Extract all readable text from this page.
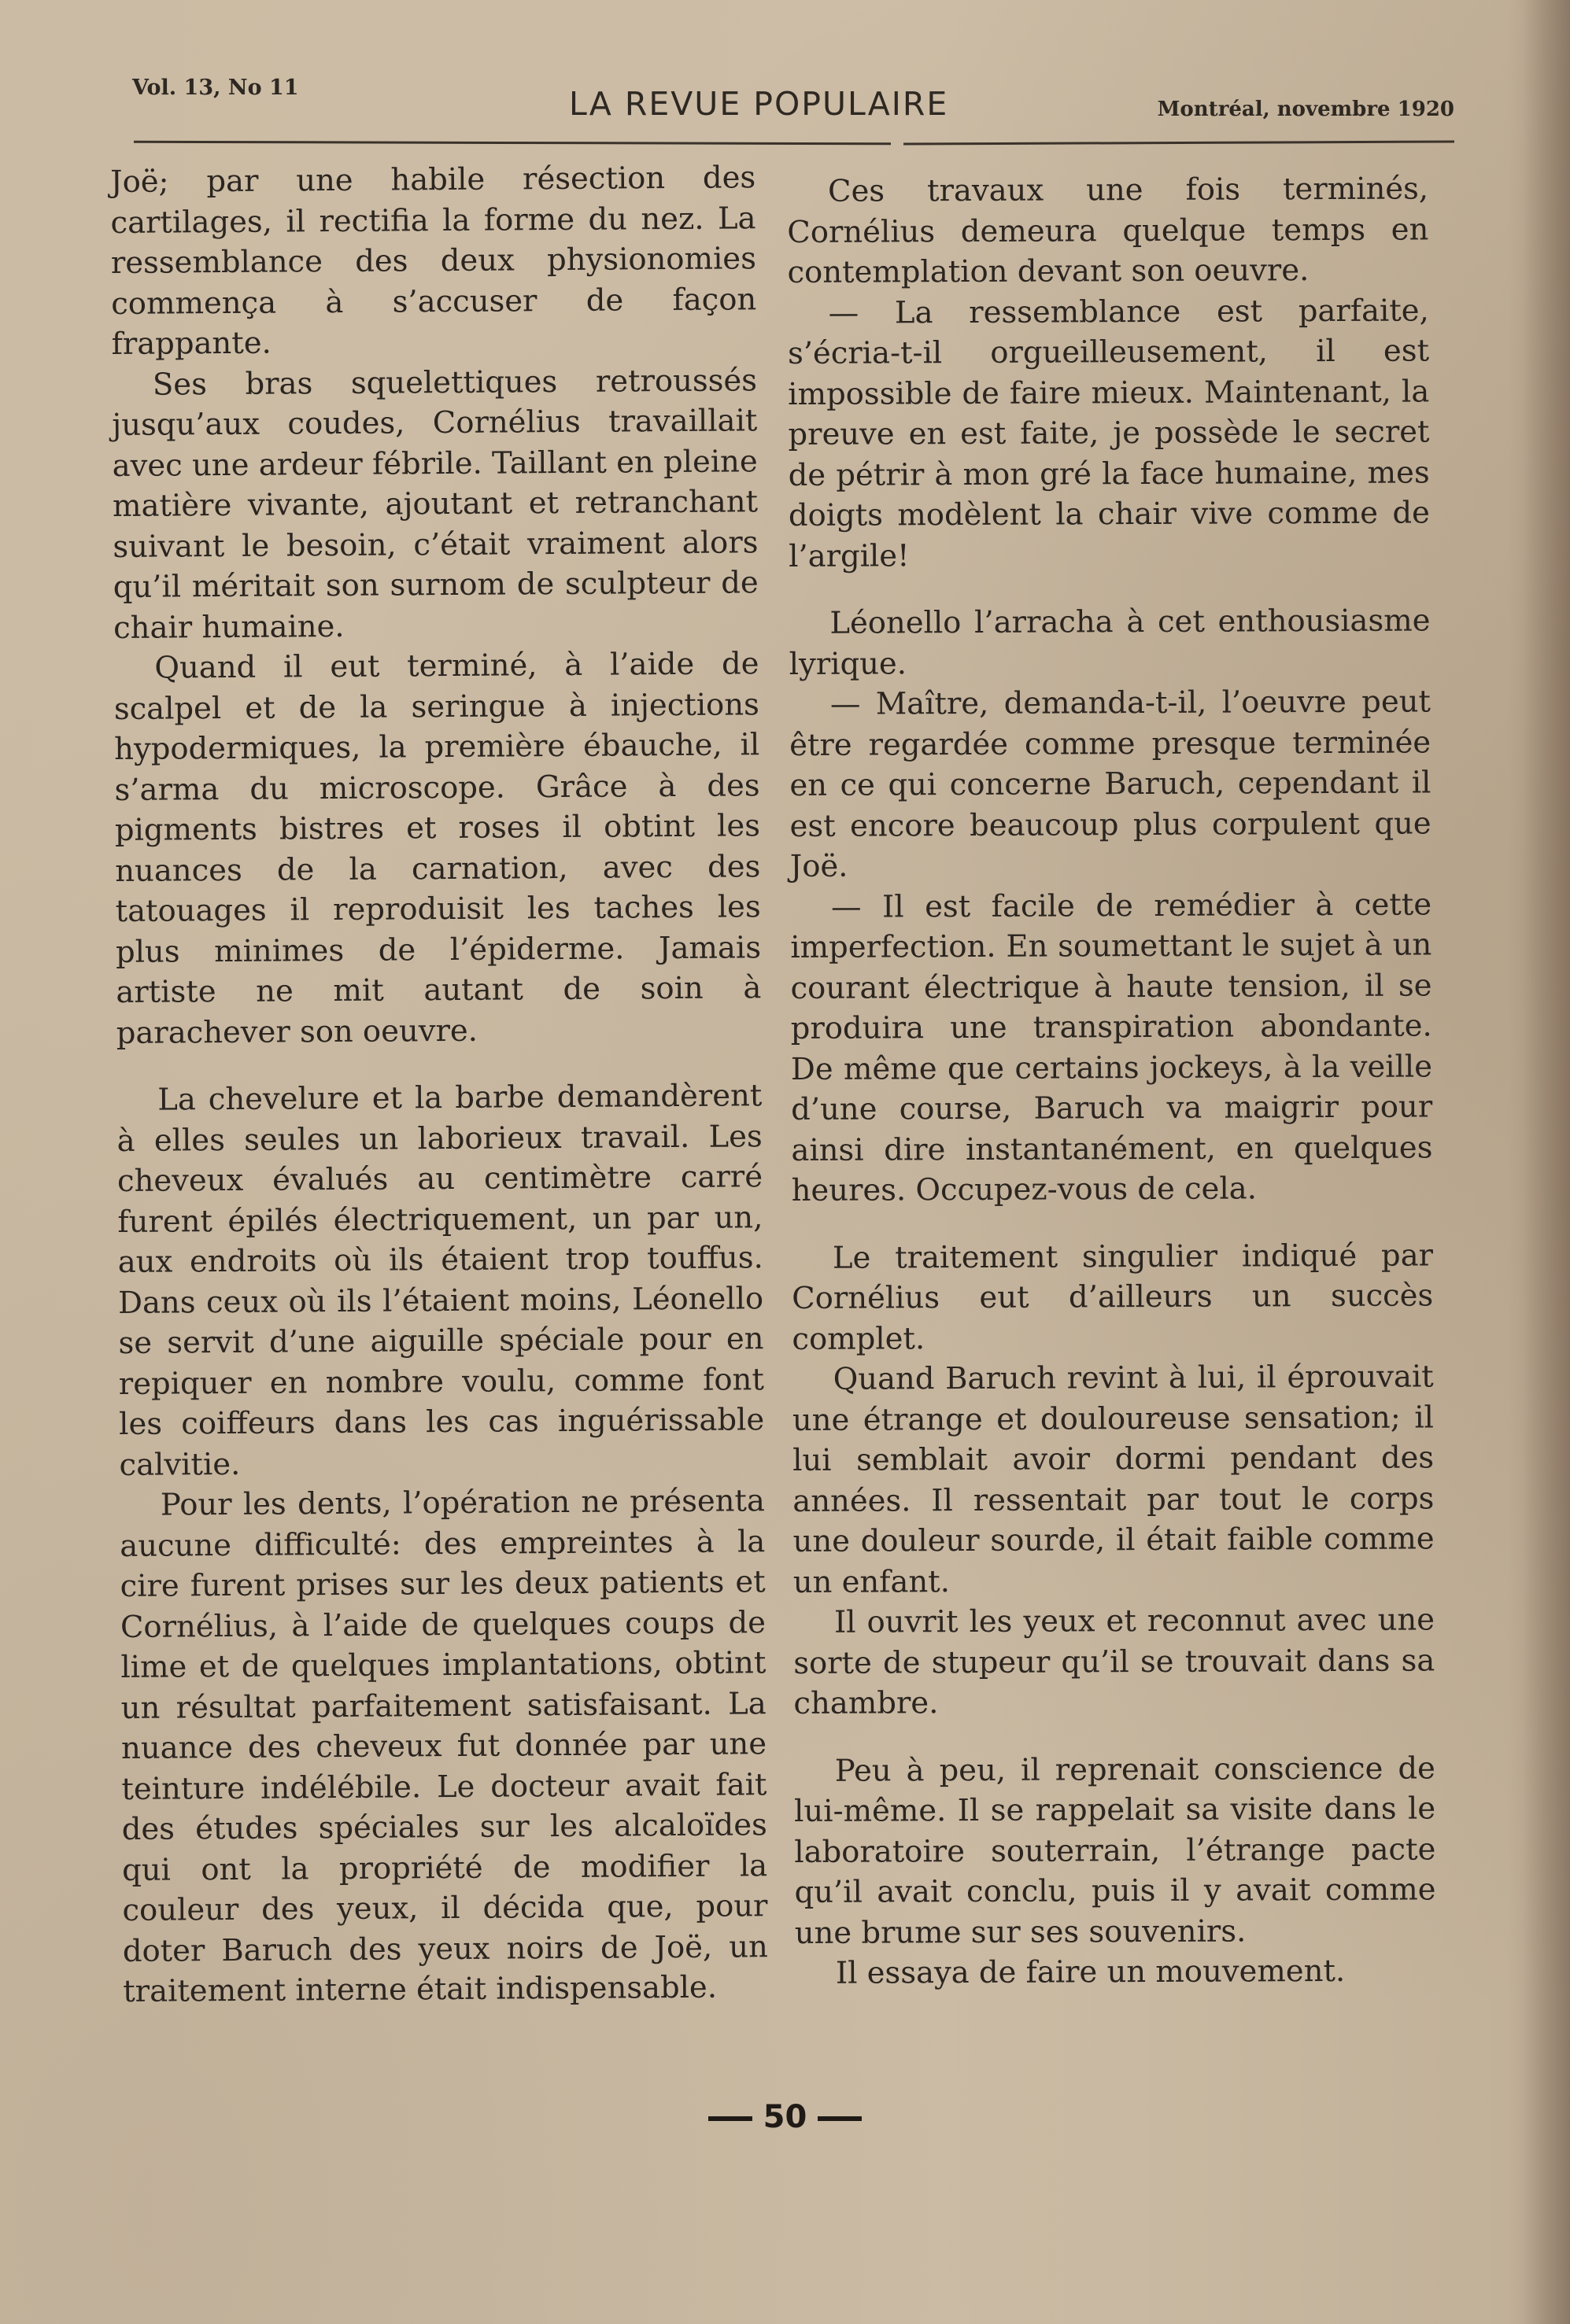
Vol. 13, No 11	LA REVUE POPULAIRE	Montréal, novembre 1920

Joë; par une habile résection des cartilages, il rectifia la forme du nez. La ressemblance des deux physionomies commença à s’accuser de façon frappante.

Ses bras squelettiques retroussés jusqu’aux coudes, Cornélius travaillait avec une ardeur fébrile. Taillant en pleine matière vivante, ajoutant et retranchant suivant le besoin, c’était vraiment alors qu’il méritait son surnom de sculpteur de chair humaine.

Quand il eut terminé, à l’aide de scalpel et de la seringue à injections hypodermiques, la première ébauche, il s’arma du microscope. Grâce à des pigments bistres et roses il obtint les nuances de la carnation, avec des tatouages il reproduisit les taches les plus minimes de l’épiderme. Jamais artiste ne mit autant de soin à parachever son oeuvre.

La chevelure et la barbe demandèrent à elles seules un laborieux travail. Les cheveux évalués au centimètre carré furent épilés électriquement, un par un, aux endroits où ils étaient trop touffus. Dans ceux où ils l’étaient moins, Léonello se servit d’une aiguille spéciale pour en repiquer en nombre voulu, comme font les coiffeurs dans les cas inguérissable calvitie.

Pour les dents, l’opération ne présenta aucune difficulté: des empreintes à la cire furent prises sur les deux patients et Cornélius, à l’aide de quelques coups de lime et de quelques implantations, obtint un résultat parfaitement satisfaisant. La nuance des cheveux fut donnée par une teinture indélébile. Le docteur avait fait des études spéciales sur les alcaloïdes qui ont la propriété de modifier la couleur des yeux, il décida que, pour doter Baruch des yeux noirs de Joë, un traitement interne était indispensable.

Ces travaux une fois terminés, Cornélius demeura quelque temps en contemplation devant son oeuvre.

— La ressemblance est parfaite, s’écria-t-il orgueilleusement, il est impossible de faire mieux. Maintenant, la preuve en est faite, je possède le secret de pétrir à mon gré la face humaine, mes doigts modèlent la chair vive comme de l’argile!

Léonello l’arracha à cet enthousiasme lyrique.

— Maître, demanda-t-il, l’oeuvre peut être regardée comme presque terminée en ce qui concerne Baruch, cependant il est encore beaucoup plus corpulent que Joë.

— Il est facile de remédier à cette imperfection. En soumettant le sujet à un courant électrique à haute tension, il se produira une transpiration abondante. De même que certains jockeys, à la veille d’une course, Baruch va maigrir pour ainsi dire instantanément, en quelques heures. Occupez-vous de cela.

Le traitement singulier indiqué par Cornélius eut d’ailleurs un succès complet.

Quand Baruch revint à lui, il éprouvait une étrange et douloureuse sensation; il lui semblait avoir dormi pendant des années. Il ressentait par tout le corps une douleur sourde, il était faible comme un enfant.

Il ouvrit les yeux et reconnut avec une sorte de stupeur qu’il se trouvait dans sa chambre.

Peu à peu, il reprenait conscience de lui-même. Il se rappelait sa visite dans le laboratoire souterrain, l’étrange pacte qu’il avait conclu, puis il y avait comme une brume sur ses souvenirs.

Il essaya de faire un mouvement.

50
